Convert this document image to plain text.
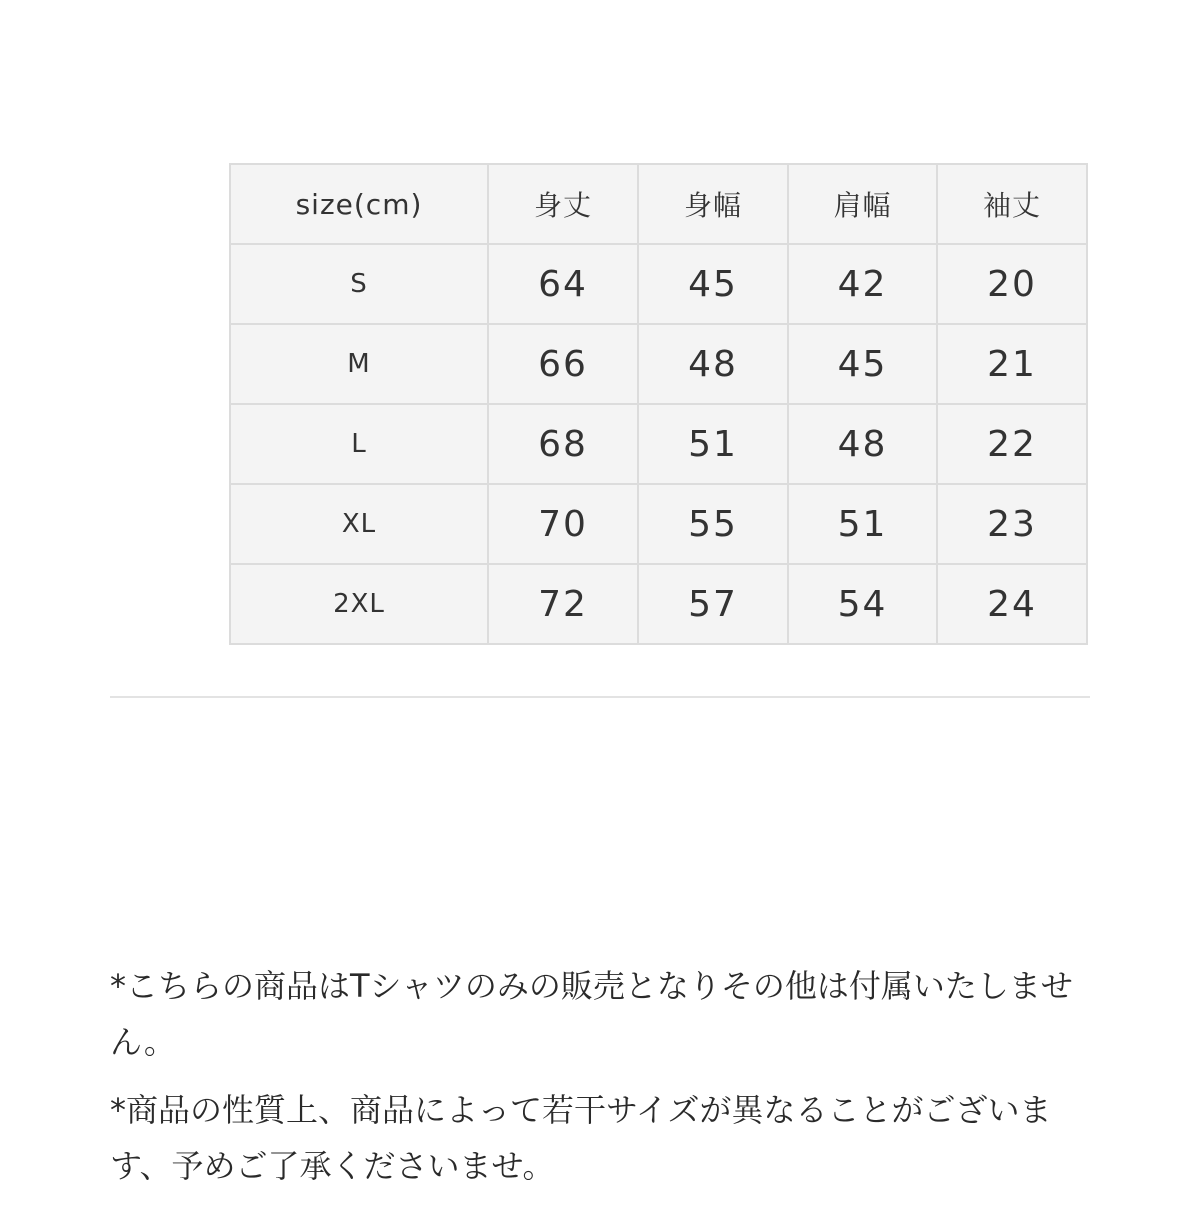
size(cm)	身丈	身幅	肩幅	袖丈
S	64	45	42	20
M	66	48	45	21
L	68	51	48	22
XL	70	55	51	23
2XL	72	57	54	24

*こちらの商品はTシャツのみの販売となりその他は付属いたしません。

*商品の性質上、商品によって若干サイズが異なることがございます、予めご了承くださいませ。
